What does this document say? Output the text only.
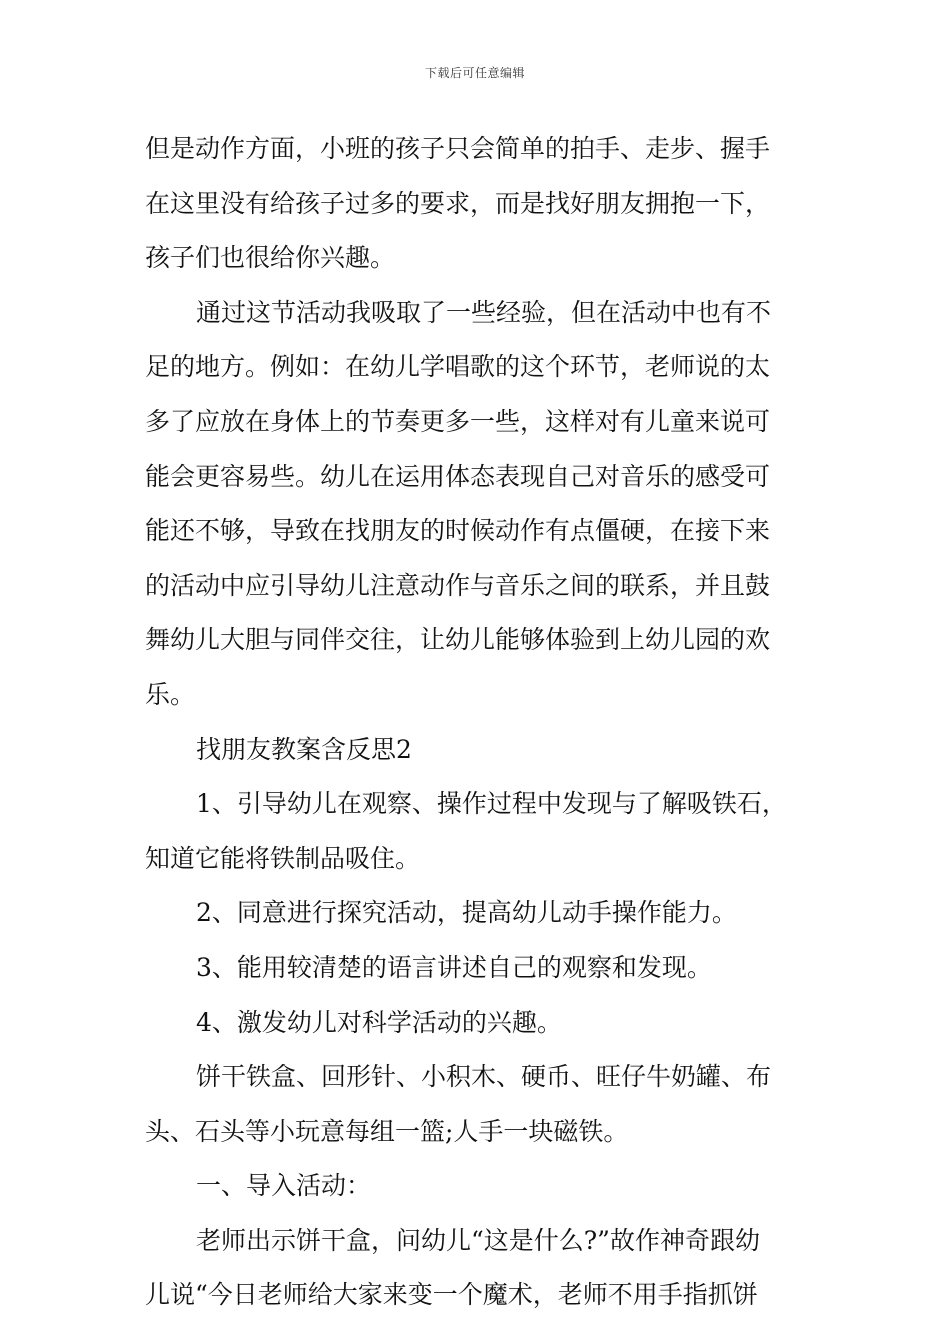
下载后可任意编辑
但是动作方面，小班的孩子只会简单的拍手、走步、握手
在这里没有给孩子过多的要求，而是找好朋友拥抱一下，
孩子们也很给你兴趣。
通过这节活动我吸取了一些经验，但在活动中也有不
足的地方。例如：在幼儿学唱歌的这个环节，老师说的太
多了应放在身体上的节奏更多一些，这样对有儿童来说可
能会更容易些。幼儿在运用体态表现自己对音乐的感受可
能还不够，导致在找朋友的时候动作有点僵硬，在接下来
的活动中应引导幼儿注意动作与音乐之间的联系，并且鼓
舞幼儿大胆与同伴交往，让幼儿能够体验到上幼儿园的欢
乐。
找朋友教案含反思2
1、引导幼儿在观察、操作过程中发现与了解吸铁石，
知道它能将铁制品吸住。
2、同意进行探究活动，提高幼儿动手操作能力。
3、能用较清楚的语言讲述自己的观察和发现。
4、激发幼儿对科学活动的兴趣。
饼干铁盒、回形针、小积木、硬币、旺仔牛奶罐、布
头、石头等小玩意每组一篮;人手一块磁铁。
一、导入活动：
老师出示饼干盒，问幼儿“这是什么?”故作神奇跟幼
儿说“今日老师给大家来变一个魔术，老师不用手指抓饼
